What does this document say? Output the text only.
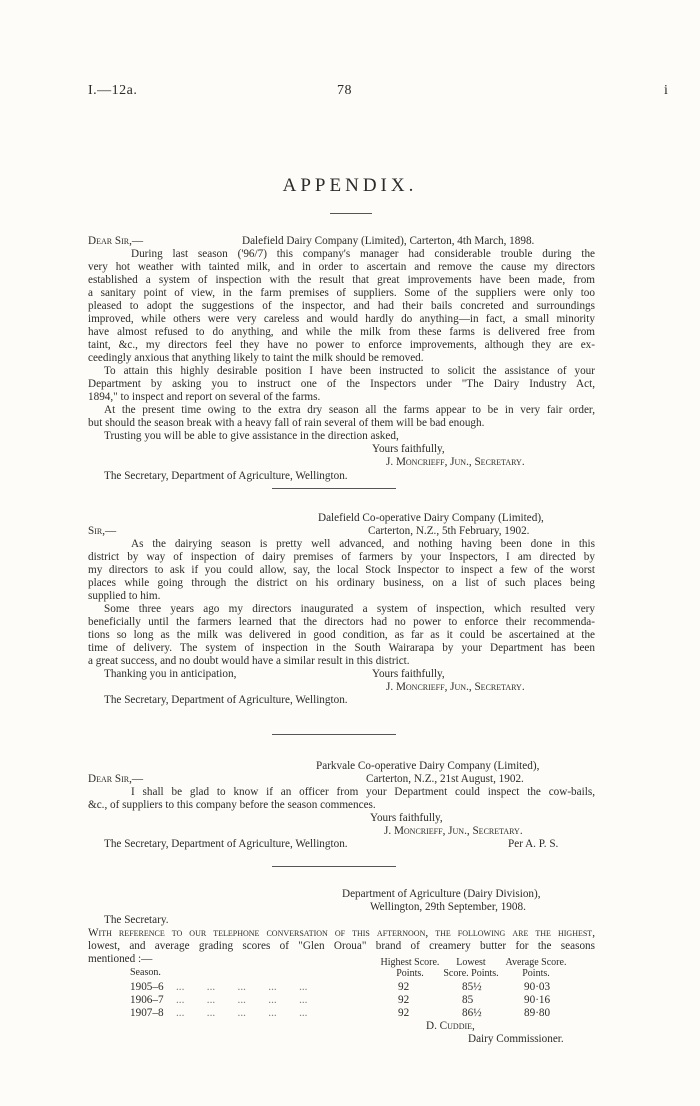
I.—12a.	78	i
APPENDIX.
Dear Sir,—	Dalefield Dairy Company (Limited), Carterton, 4th March, 1898.
During last season ('96/7) this company's manager had considerable trouble during the
very hot weather with tainted milk, and in order to ascertain and remove the cause my directors
established a system of inspection with the result that great improvements have been made, from
a sanitary point of view, in the farm premises of suppliers. Some of the suppliers were only too
pleased to adopt the suggestions of the inspector, and had their bails concreted and surroundings
improved, while others were very careless and would hardly do anything—in fact, a small minority
have almost refused to do anything, and while the milk from these farms is delivered free from
taint, &c., my directors feel they have no power to enforce improvements, although they are ex-
ceedingly anxious that anything likely to taint the milk should be removed.
To attain this highly desirable position I have been instructed to solicit the assistance of your
Department by asking you to instruct one of the Inspectors under "The Dairy Industry Act,
1894," to inspect and report on several of the farms.
At the present time owing to the extra dry season all the farms appear to be in very fair order,
but should the season break with a heavy fall of rain several of them will be bad enough.
Trusting you will be able to give assistance in the direction asked,
Yours faithfully,
J. Moncrieff, Jun., Secretary.
The Secretary, Department of Agriculture, Wellington.
Dalefield Co-operative Dairy Company (Limited),
Sir,—	Carterton, N.Z., 5th February, 1902.
As the dairying season is pretty well advanced, and nothing having been done in this
district by way of inspection of dairy premises of farmers by your Inspectors, I am directed by
my directors to ask if you could allow, say, the local Stock Inspector to inspect a few of the worst
places while going through the district on his ordinary business, on a list of such places being
supplied to him.
Some three years ago my directors inaugurated a system of inspection, which resulted very
beneficially until the farmers learned that the directors had no power to enforce their recommenda-
tions so long as the milk was delivered in good condition, as far as it could be ascertained at the
time of delivery. The system of inspection in the South Wairarapa by your Department has been
a great success, and no doubt would have a similar result in this district.
Thanking you in anticipation,	Yours faithfully,
J. Moncrieff, Jun., Secretary.
The Secretary, Department of Agriculture, Wellington.
Parkvale Co-operative Dairy Company (Limited),
Dear Sir,—	Carterton, N.Z., 21st August, 1902.
I shall be glad to know if an officer from your Department could inspect the cow-bails,
&c., of suppliers to this company before the season commences.
Yours faithfully,
J. Moncrieff, Jun., Secretary.
The Secretary, Department of Agriculture, Wellington.	Per A. P. S.
Department of Agriculture (Dairy Division),
Wellington, 29th September, 1908.
The Secretary.
With reference to our telephone conversation of this afternoon, the following are the highest,
lowest, and average grading scores of "Glen Oroua" brand of creamery butter for the seasons
mentioned :—
Season.
Highest Score. Points.
Lowest Score. Points.
Average Score. Points.
1905–6 ...        ...        ...        ...        ...	92	85½	90·03
1906–7 ...        ...        ...        ...        ...	92	85	90·16
1907–8 ...        ...        ...        ...        ...	92	86½	89·80
D. Cuddie,
Dairy Commissioner.
